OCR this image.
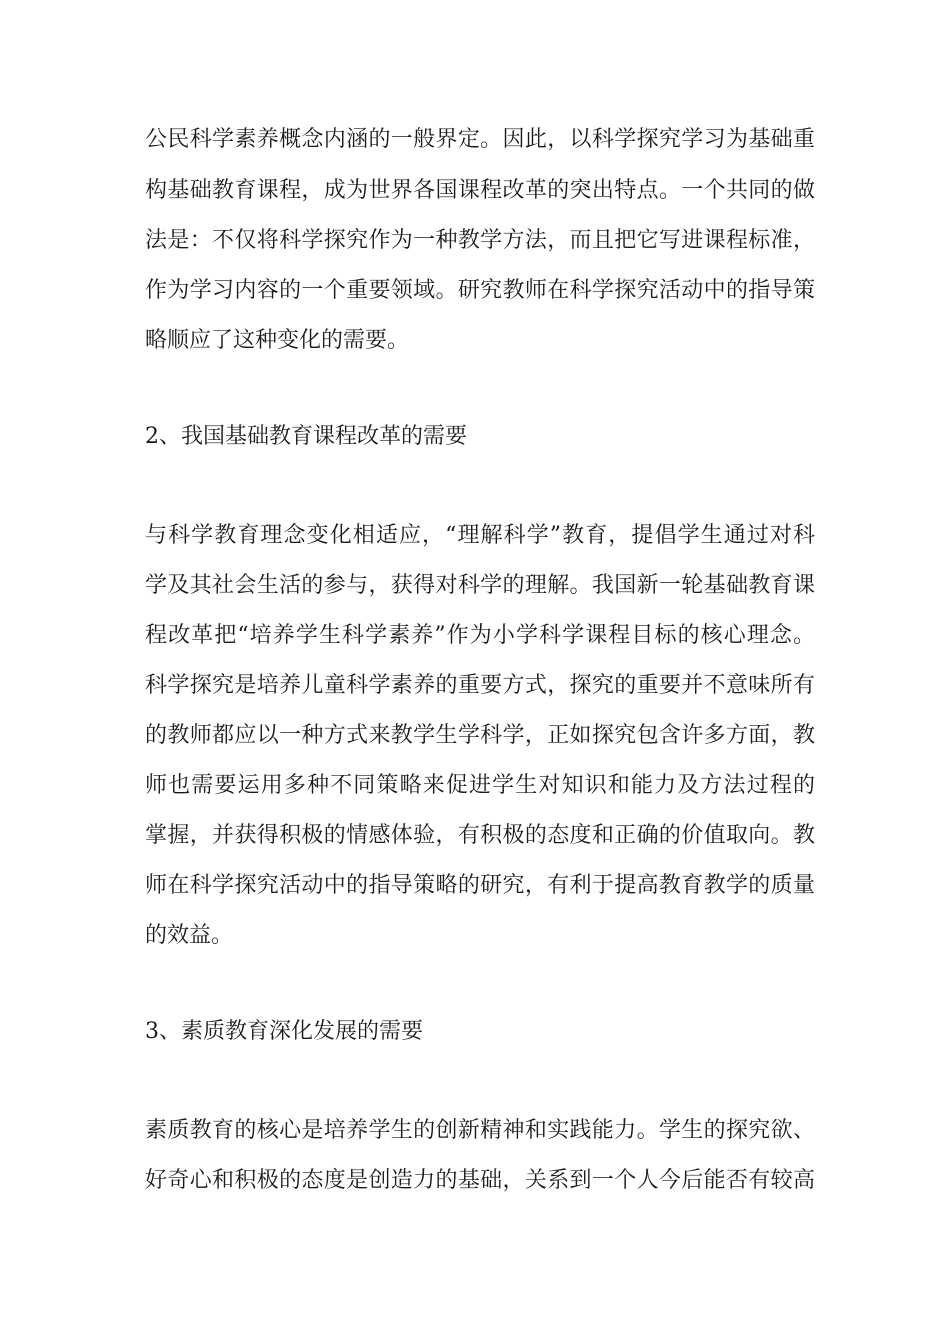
公民科学素养概念内涵的一般界定。因此，以科学探究学习为基础重

构基础教育课程，成为世界各国课程改革的突出特点。一个共同的做

法是：不仅将科学探究作为一种教学方法，而且把它写进课程标准，

作为学习内容的一个重要领域。研究教师在科学探究活动中的指导策

略顺应了这种变化的需要。

2、我国基础教育课程改革的需要

与科学教育理念变化相适应，“理解科学”教育，提倡学生通过对科

学及其社会生活的参与，获得对科学的理解。我国新一轮基础教育课

程改革把“培养学生科学素养”作为小学科学课程目标的核心理念。

科学探究是培养儿童科学素养的重要方式，探究的重要并不意味所有

的教师都应以一种方式来教学生学科学，正如探究包含许多方面，教

师也需要运用多种不同策略来促进学生对知识和能力及方法过程的

掌握，并获得积极的情感体验，有积极的态度和正确的价值取向。教

师在科学探究活动中的指导策略的研究，有利于提高教育教学的质量

的效益。

3、素质教育深化发展的需要

素质教育的核心是培养学生的创新精神和实践能力。学生的探究欲、

好奇心和积极的态度是创造力的基础，关系到一个人今后能否有较高
